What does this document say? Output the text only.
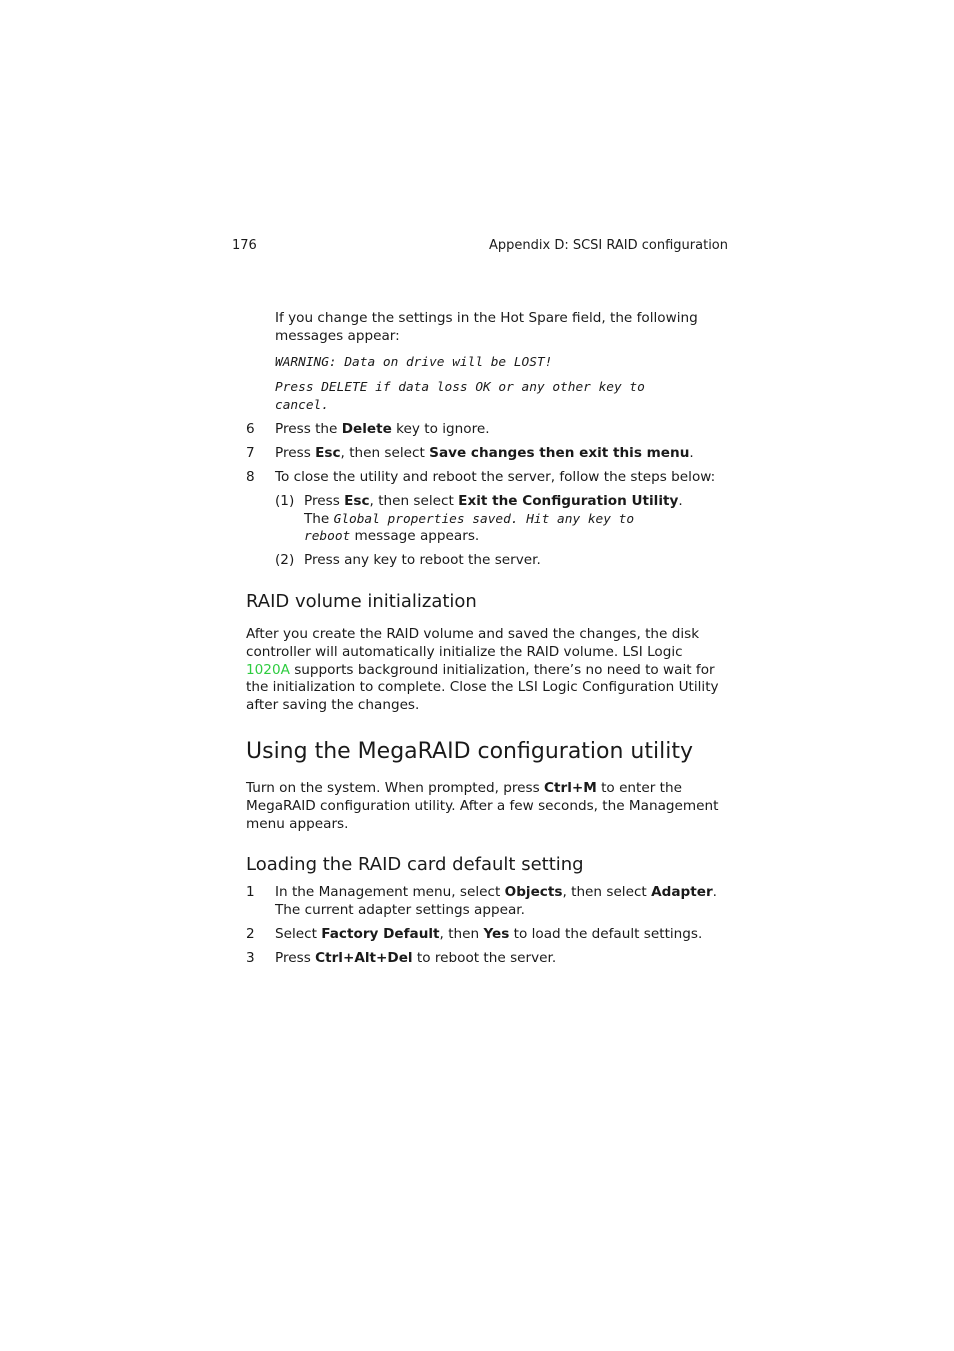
176	Appendix D: SCSI RAID configuration
If you change the settings in the Hot Spare field, the following
messages appear:
WARNING: Data on drive will be LOST!
Press DELETE if data loss OK or any other key to
cancel.
6 Press the Delete key to ignore.
7 Press Esc, then select Save changes then exit this menu.
8 To close the utility and reboot the server, follow the steps below:
(1) Press Esc, then select Exit the Configuration Utility.
The Global properties saved. Hit any key to
reboot message appears.
(2) Press any key to reboot the server.
RAID volume initialization
After you create the RAID volume and saved the changes, the disk
controller will automatically initialize the RAID volume. LSI Logic
1020A supports background initialization, there’s no need to wait for
the initialization to complete. Close the LSI Logic Configuration Utility
after saving the changes.
Using the MegaRAID configuration utility
Turn on the system. When prompted, press Ctrl+M to enter the
MegaRAID configuration utility. After a few seconds, the Management
menu appears.
Loading the RAID card default setting
1 In the Management menu, select Objects, then select Adapter.
The current adapter settings appear.
2 Select Factory Default, then Yes to load the default settings.
3 Press Ctrl+Alt+Del to reboot the server.
